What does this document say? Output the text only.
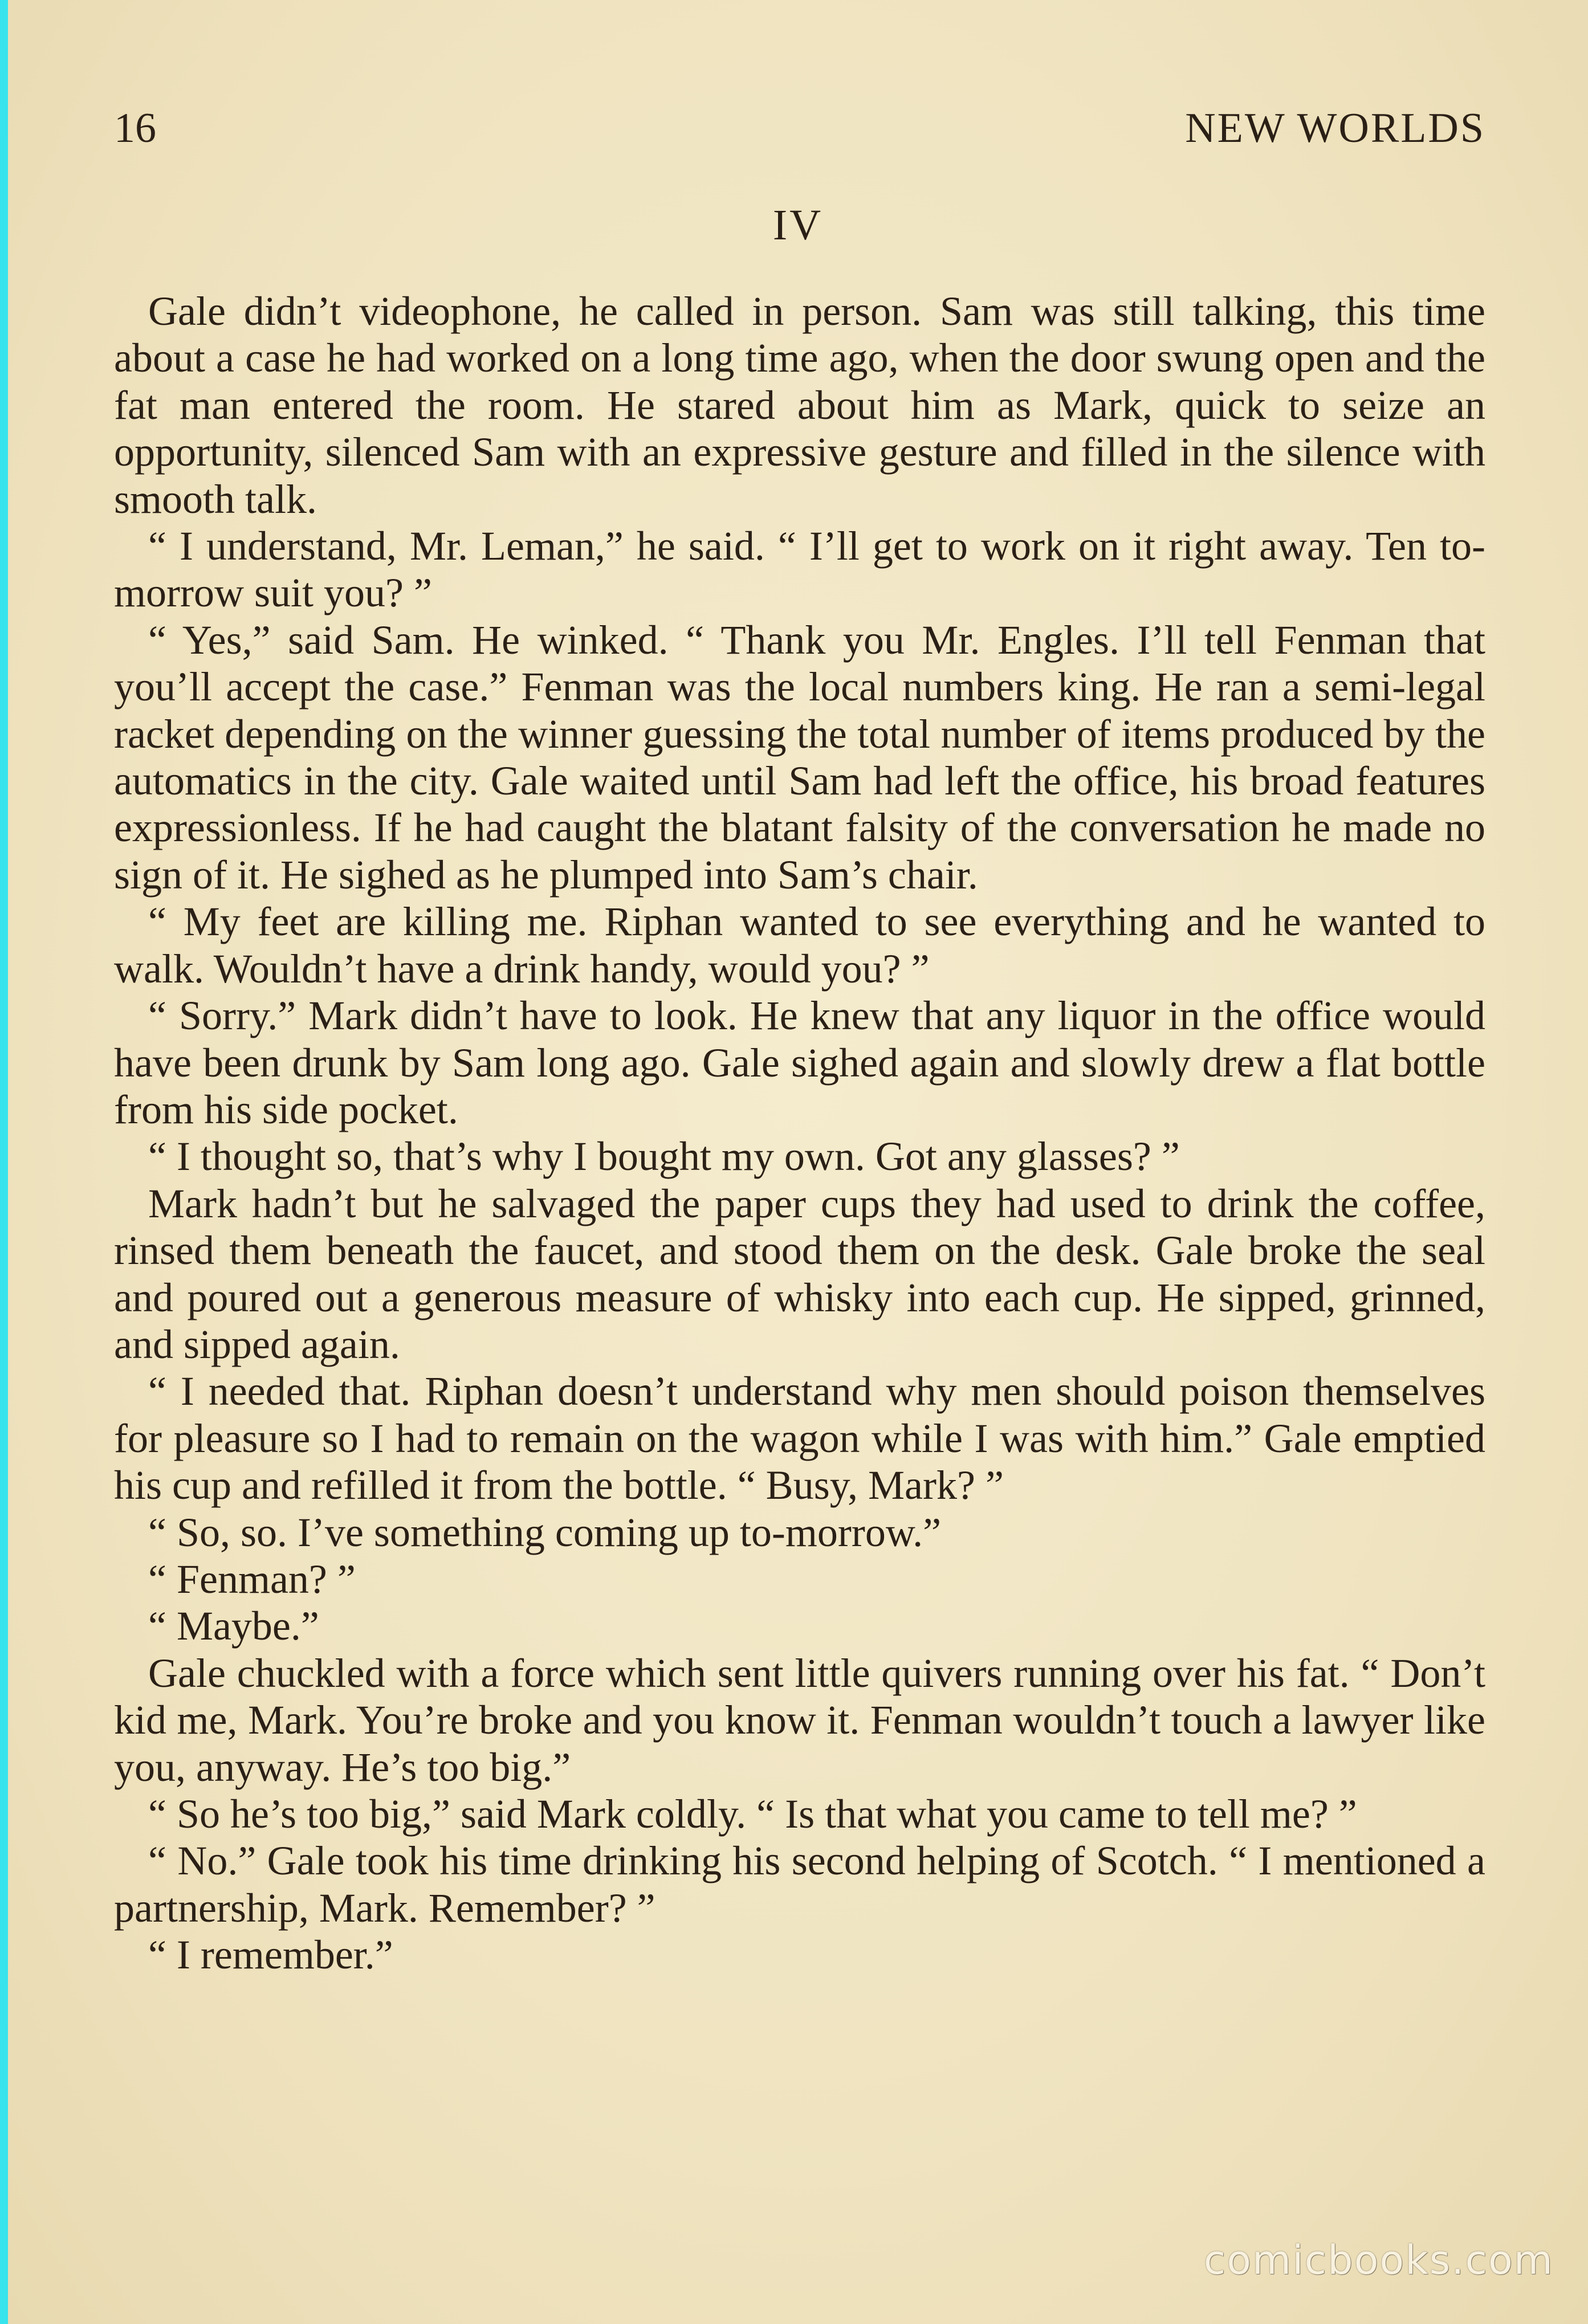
16	NEW WORLDS
IV

Gale didn’t videophone, he called in person. Sam was still talking, this time about a case he had worked on a long time ago, when the door swung open and the fat man entered the room. He stared about him as Mark, quick to seize an opportunity, silenced Sam with an expressive gesture and filled in the silence with smooth talk.

“ I understand, Mr. Leman,” he said. “ I’ll get to work on it right away. Ten to-morrow suit you? ”

“ Yes,” said Sam. He winked. “ Thank you Mr. Engles. I’ll tell Fenman that you’ll accept the case.” Fenman was the local numbers king. He ran a semi-legal racket depending on the winner guessing the total number of items produced by the automatics in the city. Gale waited until Sam had left the office, his broad features expressionless. If he had caught the blatant falsity of the conversation he made no sign of it. He sighed as he plumped into Sam’s chair.

“ My feet are killing me. Riphan wanted to see everything and he wanted to walk. Wouldn’t have a drink handy, would you? ”

“ Sorry.” Mark didn’t have to look. He knew that any liquor in the office would have been drunk by Sam long ago. Gale sighed again and slowly drew a flat bottle from his side pocket.

“ I thought so, that’s why I bought my own. Got any glasses? ”

Mark hadn’t but he salvaged the paper cups they had used to drink the coffee, rinsed them beneath the faucet, and stood them on the desk. Gale broke the seal and poured out a generous measure of whisky into each cup. He sipped, grinned, and sipped again.

“ I needed that. Riphan doesn’t understand why men should poison themselves for pleasure so I had to remain on the wagon while I was with him.” Gale emptied his cup and refilled it from the bottle. “ Busy, Mark? ”

“ So, so. I’ve something coming up to-morrow.”

“ Fenman? ”

“ Maybe.”

Gale chuckled with a force which sent little quivers running over his fat. “ Don’t kid me, Mark. You’re broke and you know it. Fenman wouldn’t touch a lawyer like you, anyway. He’s too big.”

“ So he’s too big,” said Mark coldly. “ Is that what you came to tell me? ”

“ No.” Gale took his time drinking his second helping of Scotch. “ I mentioned a partnership, Mark. Remember? ”

“ I remember.”

comicbooks.com
